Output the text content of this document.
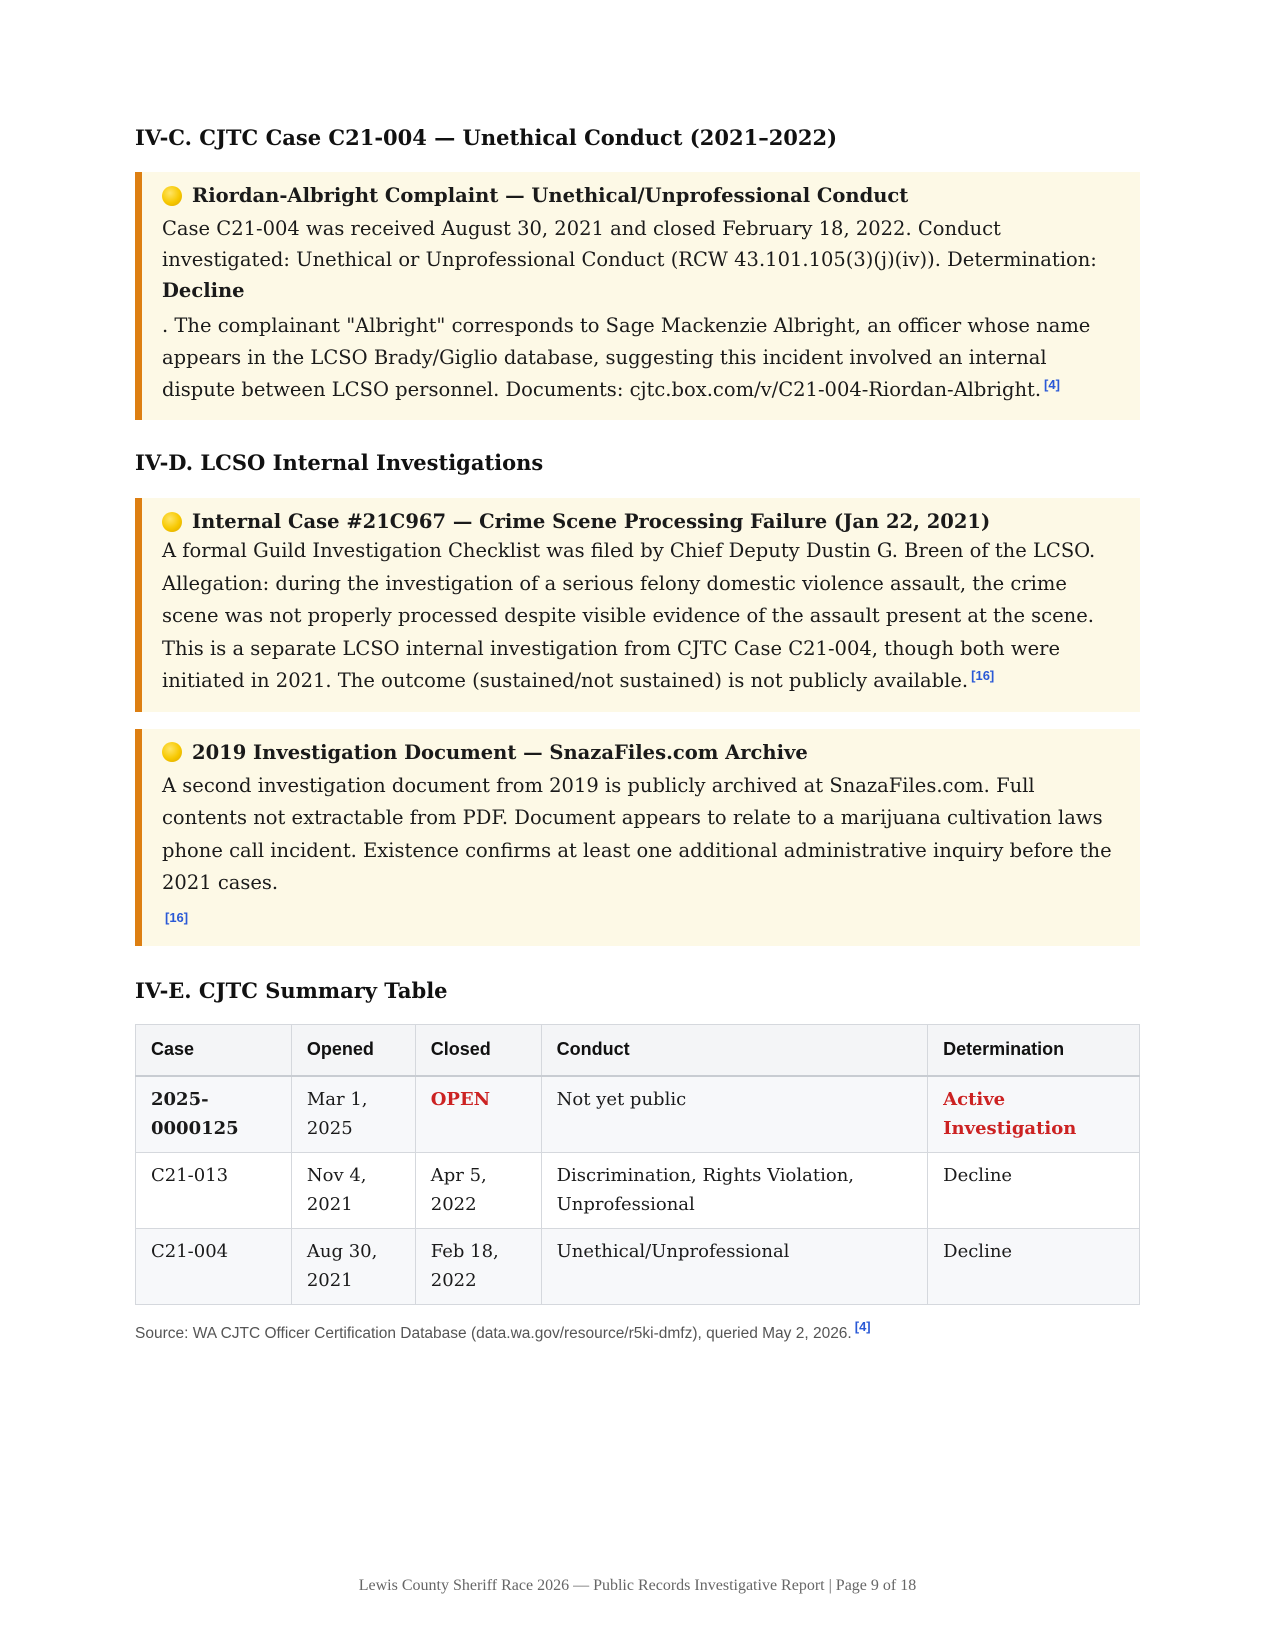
IV-C. CJTC Case C21-004 — Unethical Conduct (2021–2022)
Riordan-Albright Complaint — Unethical/Unprofessional Conduct
Case C21-004 was received August 30, 2021 and closed February 18, 2022. Conduct investigated: Unethical or Unprofessional Conduct (RCW 43.101.105(3)(j)(iv)). Determination:
Decline
. The complainant "Albright" corresponds to Sage Mackenzie Albright, an officer whose name appears in the LCSO Brady/Giglio database, suggesting this incident involved an internal dispute between LCSO personnel. Documents: cjtc.box.com/v/C21-004-Riordan-Albright. [4]
IV-D. LCSO Internal Investigations
Internal Case #21C967 — Crime Scene Processing Failure (Jan 22, 2021)
A formal Guild Investigation Checklist was filed by Chief Deputy Dustin G. Breen of the LCSO. Allegation: during the investigation of a serious felony domestic violence assault, the crime scene was not properly processed despite visible evidence of the assault present at the scene. This is a separate LCSO internal investigation from CJTC Case C21-004, though both were initiated in 2021. The outcome (sustained/not sustained) is not publicly available. [16]
2019 Investigation Document — SnazaFiles.com Archive
A second investigation document from 2019 is publicly archived at SnazaFiles.com. Full contents not extractable from PDF. Document appears to relate to a marijuana cultivation laws phone call incident. Existence confirms at least one additional administrative inquiry before the 2021 cases.
[16]
IV-E. CJTC Summary Table
Case	Opened	Closed	Conduct	Determination
2025-0000125	Mar 1, 2025	OPEN	Not yet public	Active Investigation
C21-013	Nov 4, 2021	Apr 5, 2022	Discrimination, Rights Violation, Unprofessional	Decline
C21-004	Aug 30, 2021	Feb 18, 2022	Unethical/Unprofessional	Decline
Source: WA CJTC Officer Certification Database (data.wa.gov/resource/r5ki-dmfz), queried May 2, 2026. [4]
Lewis County Sheriff Race 2026 — Public Records Investigative Report | Page 9 of 18
